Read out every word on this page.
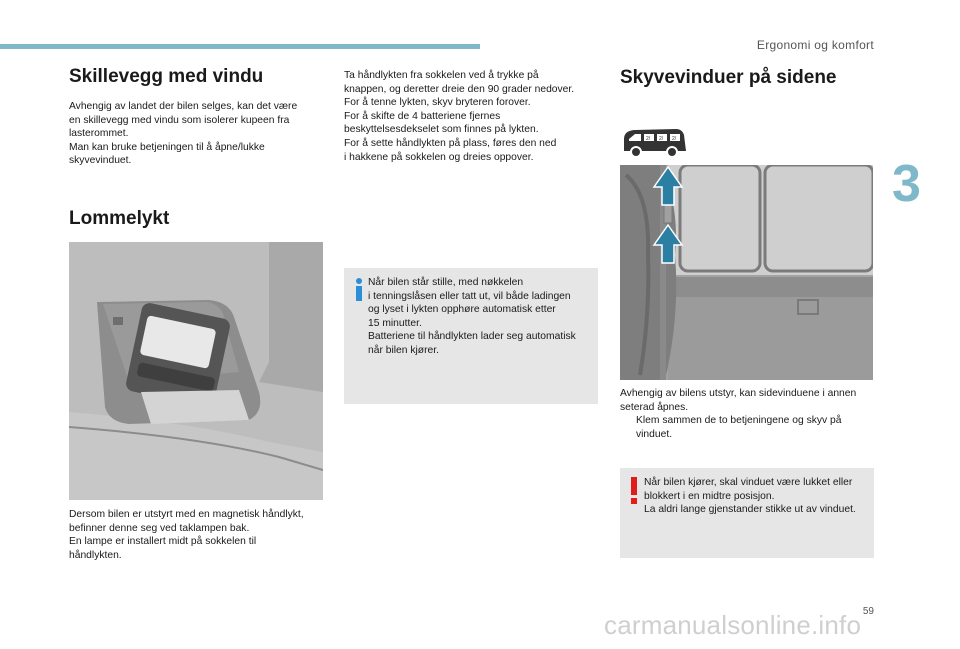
Ergonomi og komfort
3
Skillevegg med vindu

Avhengig av landet der bilen selges, kan det være
en skillevegg med vindu som isolerer kupeen fra
lasterommet.
Man kan bruke betjeningen til å åpne/lukke
skyvevinduet.

Lommelykt

Dersom bilen er utstyrt med en magnetisk håndlykt,
befinner denne seg ved taklampen bak.
En lampe er installert midt på sokkelen til
håndlykten.

Ta håndlykten fra sokkelen ved å trykke på
knappen, og deretter dreie den 90 grader nedover.
For å tenne lykten, skyv bryteren forover.
For å skifte de 4 batteriene fjernes
beskyttelsesdekselet som finnes på lykten.
For å sette håndlykten på plass, føres den ned
i hakkene på sokkelen og dreies oppover.

Når bilen står stille, med nøkkelen
i tenningslåsen eller tatt ut, vil både ladingen
og lyset i lykten opphøre automatisk etter
15 minutter.
Batteriene til håndlykten lader seg automatisk
når bilen kjører.

Skyvevinduer på sidene
2/ 2/ 2/

Avhengig av bilens utstyr, kan sidevinduene i annen
seterad åpnes.

Klem sammen de to betjeningene og skyv på
vinduet.

Når bilen kjører, skal vinduet være lukket eller
blokkert i en midtre posisjon.
La aldri lange gjenstander stikke ut av vinduet.

59
carmanualsonline.info
